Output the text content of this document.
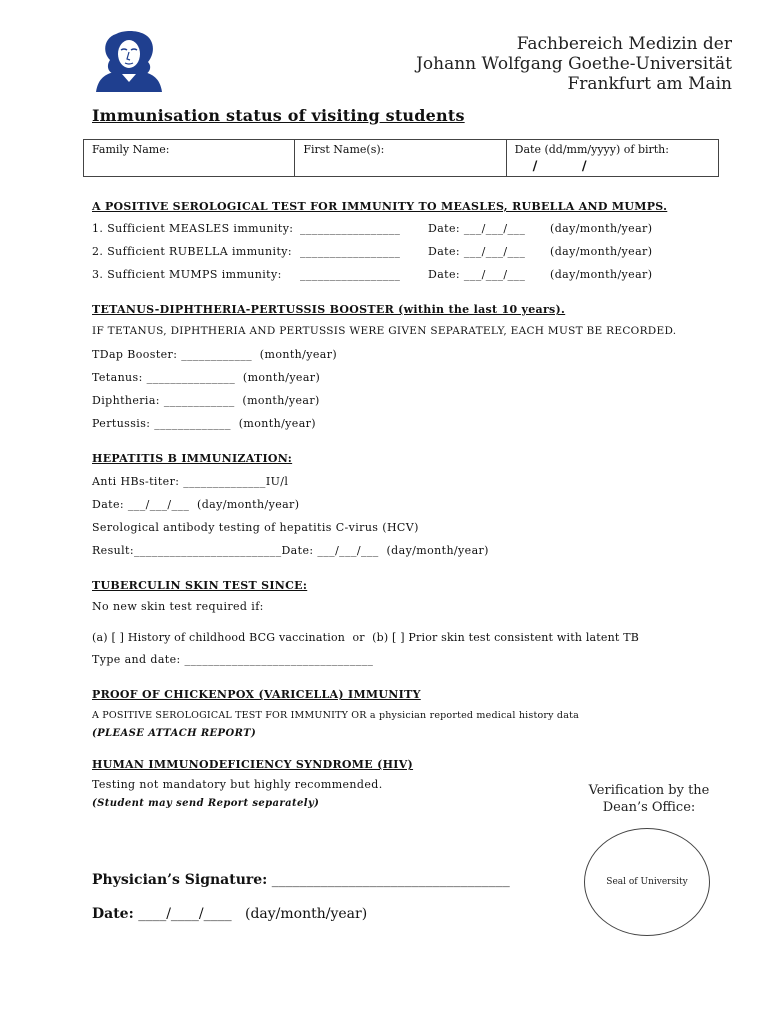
Fachbereich Medizin der
Johann Wolfgang Goethe-Universität
Frankfurt am Main
Immunisation status of visiting students
Family Name:	First Name(s):	Date (dd/mm/yyyy) of birth:
/ /
A POSITIVE SEROLOGICAL TEST FOR IMMUNITY TO MEASLES, RUBELLA AND MUMPS.
1. Sufficient MEASLES immunity: _________________	Date: ___/___/___ (day/month/year)
2. Sufficient RUBELLA immunity: _________________	Date: ___/___/___ (day/month/year)
3. Sufficient MUMPS immunity: _________________	Date: ___/___/___ (day/month/year)
TETANUS-DIPHTHERIA-PERTUSSIS BOOSTER (within the last 10 years).
IF TETANUS, DIPHTHERIA AND PERTUSSIS WERE GIVEN SEPARATELY, EACH MUST BE RECORDED.
TDap Booster: ____________  (month/year)
Tetanus: _______________  (month/year)
Diphtheria: ____________  (month/year)
Pertussis: _____________  (month/year)
HEPATITIS B IMMUNIZATION:
Anti HBs-titer: ______________IU/l
Date: ___/___/___  (day/month/year)
Serological antibody testing of hepatitis C-virus (HCV)
Result:_________________________Date: ___/___/___  (day/month/year)
TUBERCULIN SKIN TEST SINCE:
No new skin test required if:
(a) [ ] History of childhood BCG vaccination  or  (b) [ ] Prior skin test consistent with latent TB
Type and date: ________________________________
PROOF OF CHICKENPOX (VARICELLA) IMMUNITY
A POSITIVE SEROLOGICAL TEST FOR IMMUNITY OR a physician reported medical history data
(PLEASE ATTACH REPORT)
HUMAN IMMUNODEFICIENCY SYNDROME (HIV)
Testing not mandatory but highly recommended.
(Student may send Report separately)
Verification by the
Dean’s Office:
Seal of University
Physician’s Signature: __________________________________
Date: ____/____/____   (day/month/year)
